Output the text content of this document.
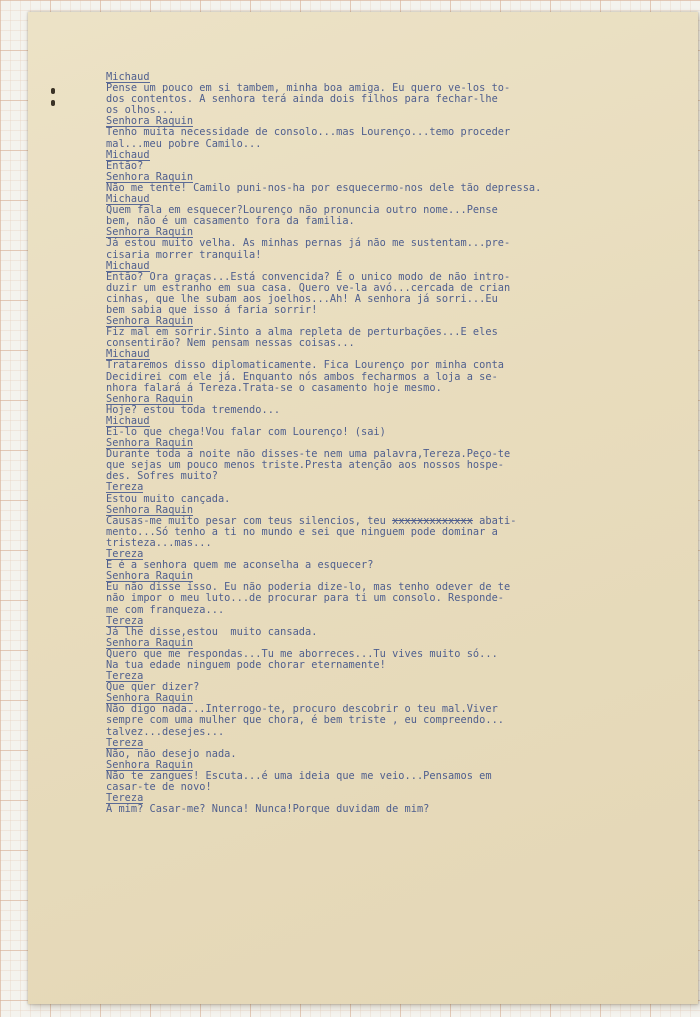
Michaud
Pense um pouco em si tambem, minha boa amiga. Eu quero ve-los to-
dos contentos. A senhora terá ainda dois filhos para fechar-lhe
os olhos...
Senhora Raquin
Tenho muita necessidade de consolo...mas Lourenço...temo proceder
mal...meu pobre Camilo...
Michaud
Então?
Senhora Raquin
Não me tente! Camilo puni-nos-ha por esquecermo-nos dele tão depressa.
Michaud
Quem fala em esquecer?Lourenço não pronuncia outro nome...Pense
bem, não é um casamento fora da familia.
Senhora Raquin
Já estou muito velha. As minhas pernas já não me sustentam...pre-
cisaria morrer tranquila!
Michaud
Então? Ora graças...Está convencida? É o unico modo de não intro-
duzir um estranho em sua casa. Quero ve-la avó...cercada de crian
cinhas, que lhe subam aos joelhos...Ah! A senhora já sorri...Eu
bem sabia que isso á faria sorrir!
Senhora Raquin
Fiz mal em sorrir.Sinto a alma repleta de perturbações...E eles
consentirão? Nem pensam nessas coisas...
Michaud
Trataremos disso diplomaticamente. Fica Lourenço por minha conta
Decidirei com ele já. Enquanto nós ambos fecharmos a loja a se-
nhora falará á Tereza.Trata-se o casamento hoje mesmo.
Senhora Raquin
Hoje? estou toda tremendo...
Michaud
Ei-lo que chega!Vou falar com Lourenço! (sai)
Senhora Raquin
Durante toda a noite não disses-te nem uma palavra,Tereza.Peço-te
que sejas um pouco menos triste.Presta atenção aos nossos hospe-
des. Sofres muito?
Tereza
Estou muito cançada.
Senhora Raquin
Causas-me muito pesar com teus silencios, teu xxxxxxxxxxxxx abati-
mento...Só tenho a ti no mundo e sei que ninguem pode dominar a
tristeza...mas...
Tereza
E é a senhora quem me aconselha a esquecer?
Senhora Raquin
Eu não disse isso. Eu não poderia dize-lo, mas tenho odever de te
não impor o meu luto...de procurar para ti um consolo. Responde-
me com franqueza...
Tereza
Já lhe disse,estou  muito cansada.
Senhora Raquin
Quero que me respondas...Tu me aborreces...Tu vives muito só...
Na tua edade ninguem pode chorar eternamente!
Tereza
Que quer dizer?
Senhora Raquin
Não digo nada...Interrogo-te, procuro descobrir o teu mal.Viver
sempre com uma mulher que chora, é bem triste , eu compreendo...
talvez...desejes...
Tereza
Não, não desejo nada.
Senhora Raquin
Não te zangues! Escuta...é uma ideia que me veio...Pensamos em
casar-te de novo!
Tereza
A mim? Casar-me? Nunca! Nunca!Porque duvidam de mim?
